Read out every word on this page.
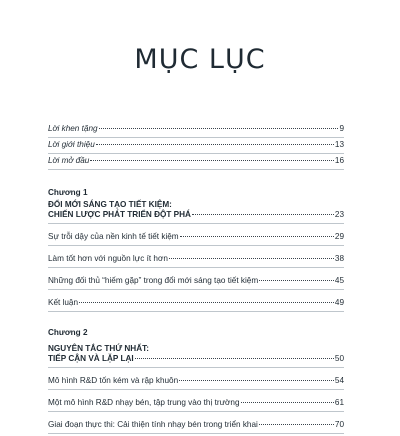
MỤC LỤC
Lời khen tặng	9
Lời giới thiệu	13
Lời mở đầu	16
Chương 1
ĐỔI MỚI SÁNG TẠO TIẾT KIỆM:
CHIẾN LƯỢC PHÁT TRIỂN ĐỘT PHÁ	23
Sự trỗi dậy của nền kinh tế tiết kiệm	29
Làm tốt hơn với nguồn lực ít hơn	38
Những đối thủ “hiếm gặp” trong đổi mới sáng tạo tiết kiệm	45
Kết luận	49
Chương 2
NGUYÊN TẮC THỨ NHẤT:
TIẾP CẬN VÀ LẶP LẠI	50
Mô hình R&D tốn kém và rập khuôn	54
Một mô hình R&D nhạy bén, tập trung vào thị trường	61
Giai đoạn thực thi: Cải thiện tính nhạy bén trong triển khai	70
